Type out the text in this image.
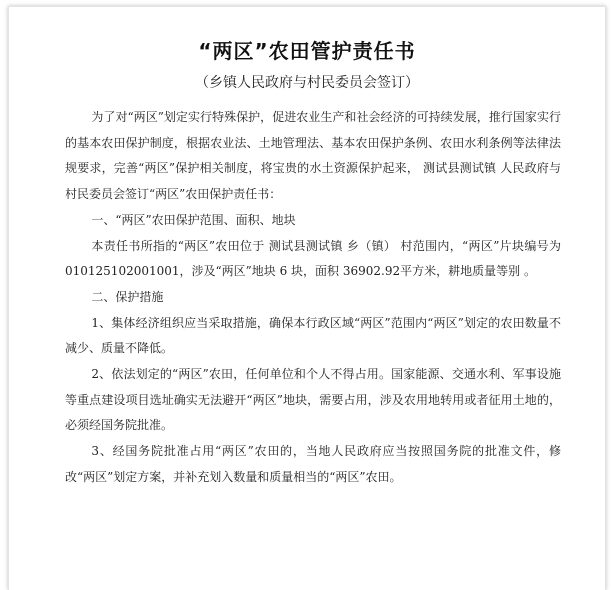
“两区”农田管护责任书
（乡镇人民政府与村民委员会签订）

为了对“两区”划定实行特殊保护，促进农业生产和社会经济的可持续发展，推行国家实行的基本农田保护制度，根据农业法、土地管理法、基本农田保护条例、农田水利条例等法律法规要求，完善“两区”保护相关制度，将宝贵的水土资源保护起来， 测试县测试镇 人民政府与 村民委员会签订“两区”农田保护责任书：

一、“两区”农田保护范围、面积、地块

本责任书所指的“两区”农田位于 测试县测试镇 乡（镇） 村范围内，“两区”片块编号为 010125102001001，涉及“两区”地块 6 块，面积 36902.92平方米，耕地质量等别 。

二、保护措施

1、集体经济组织应当采取措施，确保本行政区域“两区”范围内“两区”划定的农田数量不减少、质量不降低。

2、依法划定的“两区”农田，任何单位和个人不得占用。国家能源、交通水利、军事设施等重点建设项目选址确实无法避开“两区”地块，需要占用，涉及农用地转用或者征用土地的，必须经国务院批准。

3、经国务院批准占用“两区”农田的，当地人民政府应当按照国务院的批准文件，修改“两区”划定方案，并补充划入数量和质量相当的“两区”农田。
